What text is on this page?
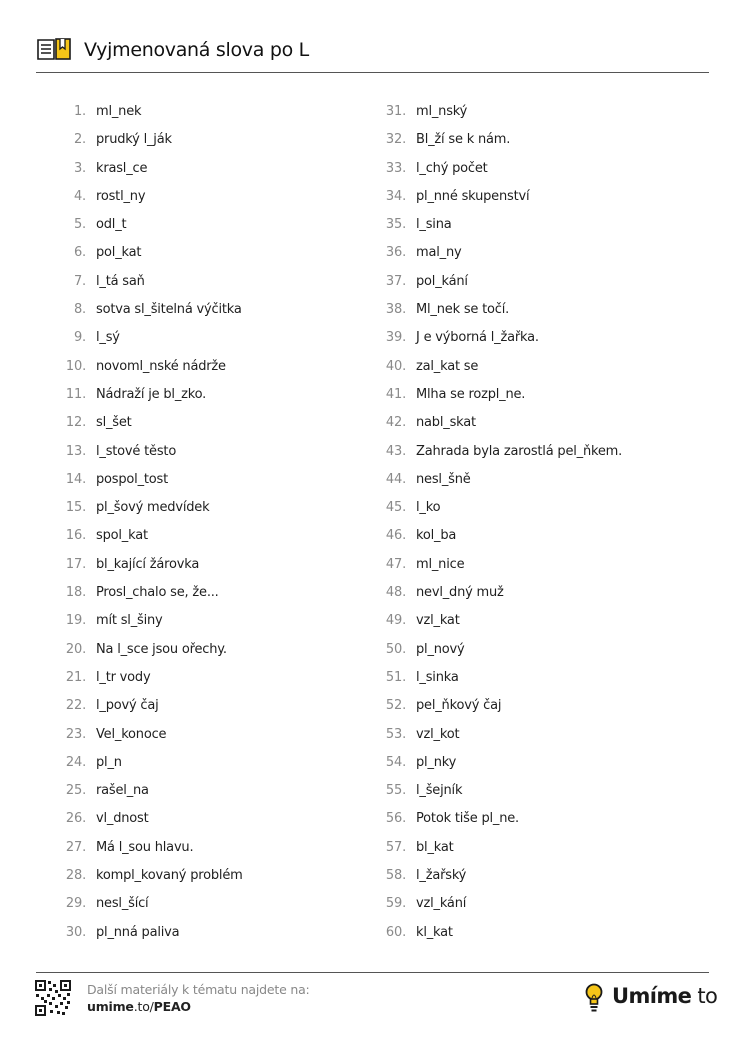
Vyjmenovaná slova po L
1. ml_nek
2. prudký l_ják
3. krasl_ce
4. rostl_ny
5. odl_t
6. pol_kat
7. l_tá saň
8. sotva sl_šitelná výčitka
9. l_sý
10. novoml_nské nádrže
11. Nádraží je bl_zko.
12. sl_šet
13. l_stové těsto
14. pospol_tost
15. pl_šový medvídek
16. spol_kat
17. bl_kající žárovka
18. Prosl_chalo se, že...
19. mít sl_šiny
20. Na l_sce jsou ořechy.
21. l_tr vody
22. l_pový čaj
23. Vel_konoce
24. pl_n
25. rašel_na
26. vl_dnost
27. Má l_sou hlavu.
28. kompl_kovaný problém
29. nesl_šící
30. pl_nná paliva
31. ml_nský
32. Bl_ží se k nám.
33. l_chý počet
34. pl_nné skupenství
35. l_sina
36. mal_ny
37. pol_kání
38. Ml_nek se točí.
39. J e výborná l_žařka.
40. zal_kat se
41. Mlha se rozpl_ne.
42. nabl_skat
43. Zahrada byla zarostlá pel_ňkem.
44. nesl_šně
45. l_ko
46. kol_ba
47. ml_nice
48. nevl_dný muž
49. vzl_kat
50. pl_nový
51. l_sinka
52. pel_ňkový čaj
53. vzl_kot
54. pl_nky
55. l_šejník
56. Potok tiše pl_ne.
57. bl_kat
58. l_žařský
59. vzl_kání
60. kl_kat
Další materiály k tématu najdete na:
umime.to/PEAO	Umíme to
